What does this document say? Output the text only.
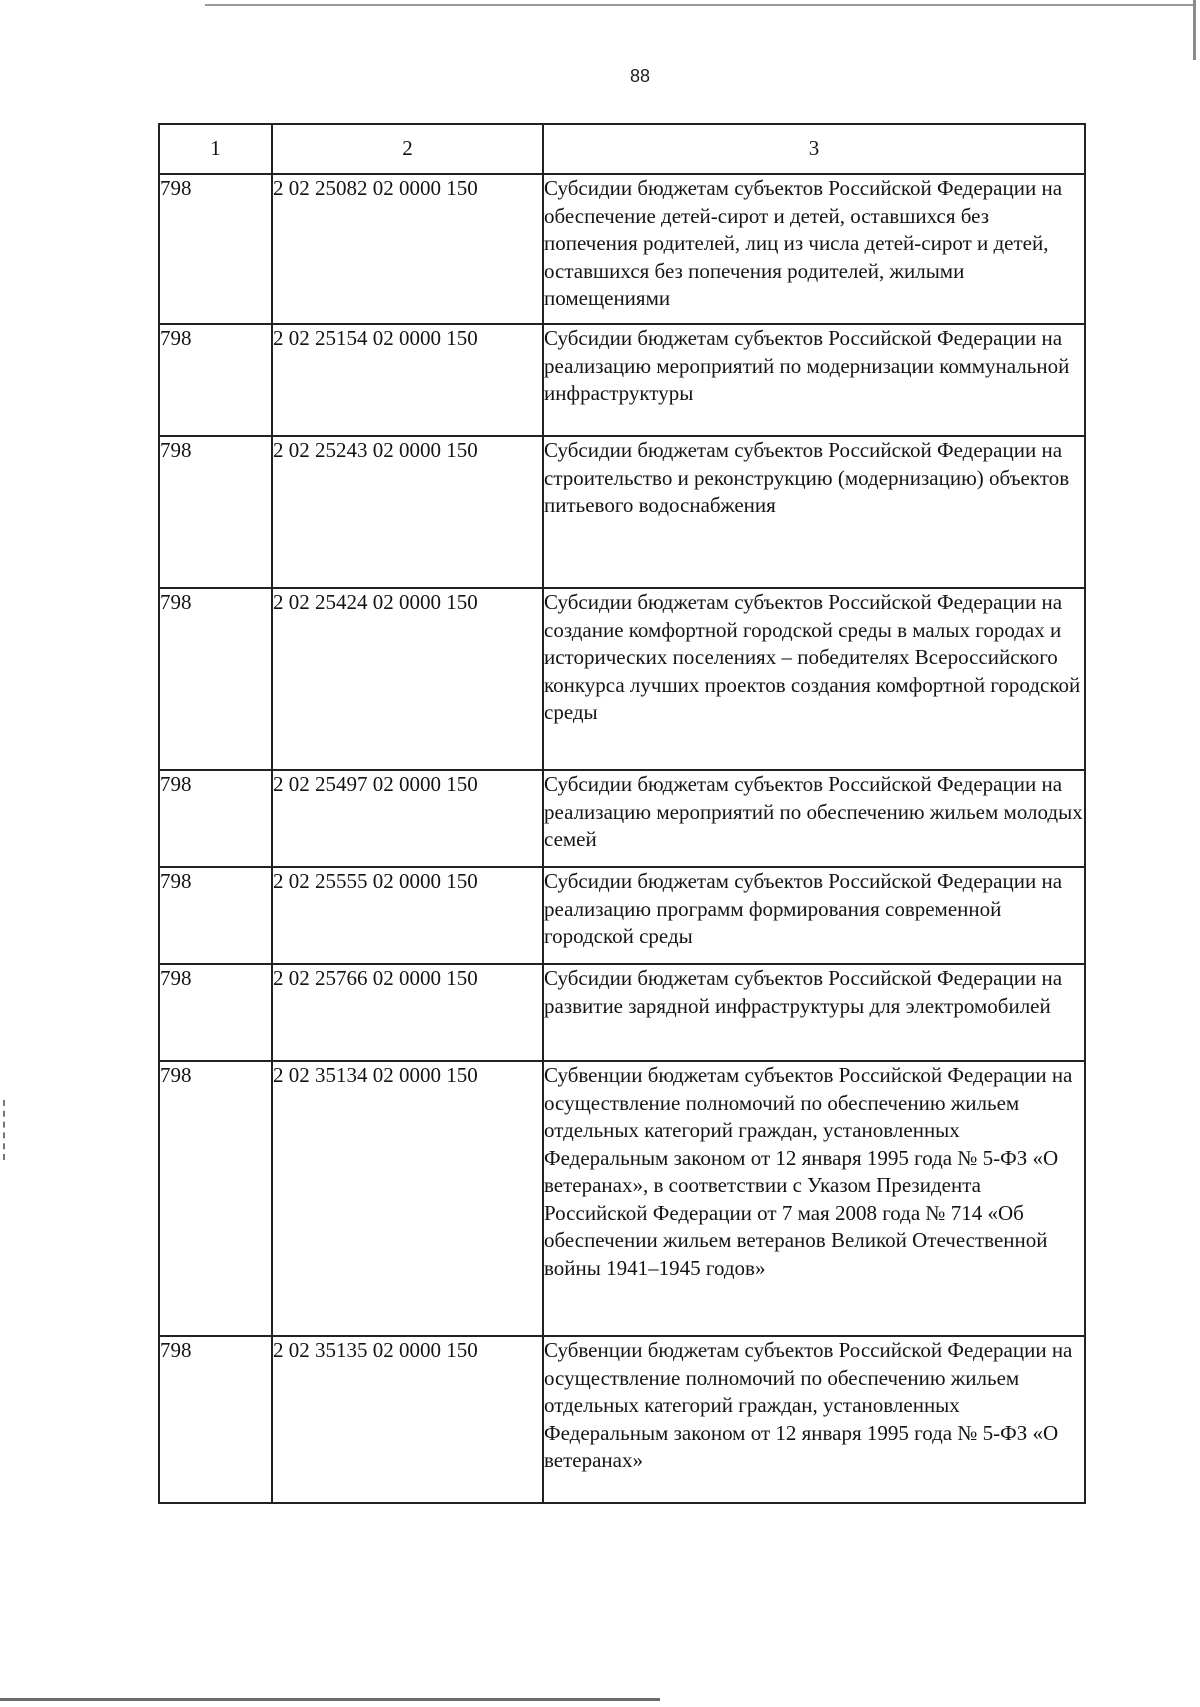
88
1	2	3
798	2 02 25082 02 0000 150	Субсидии бюджетам субъектов Российской Федерации на обеспечение детей-сирот и детей, оставшихся без попечения родителей, лиц из числа детей-сирот и детей, оставшихся без попечения родителей, жилыми помещениями
798	2 02 25154 02 0000 150	Субсидии бюджетам субъектов Российской Федерации на реализацию мероприятий по модернизации коммунальной инфраструктуры
798	2 02 25243 02 0000 150	Субсидии бюджетам субъектов Российской Федерации на строительство и реконструкцию (модернизацию) объектов питьевого водоснабжения
798	2 02 25424 02 0000 150	Субсидии бюджетам субъектов Российской Федерации на создание комфортной городской среды в малых городах и исторических поселениях – победителях Всероссийского конкурса лучших проектов создания комфортной городской среды
798	2 02 25497 02 0000 150	Субсидии бюджетам субъектов Российской Федерации на реализацию мероприятий по обеспечению жильем молодых семей
798	2 02 25555 02 0000 150	Субсидии бюджетам субъектов Российской Федерации на реализацию программ формирования современной городской среды
798	2 02 25766 02 0000 150	Субсидии бюджетам субъектов Российской Федерации на развитие зарядной инфраструктуры для электромобилей
798	2 02 35134 02 0000 150	Субвенции бюджетам субъектов Российской Федерации на осуществление полномочий по обеспечению жильем отдельных категорий граждан, установленных Федеральным законом от 12 января 1995 года № 5-ФЗ «О ветеранах», в соответствии с Указом Президента Российской Федерации от 7 мая 2008 года № 714 «Об обеспечении жильем ветеранов Великой Отечественной войны 1941–1945 годов»
798	2 02 35135 02 0000 150	Субвенции бюджетам субъектов Российской Федерации на осуществление полномочий по обеспечению жильем отдельных категорий граждан, установленных Федеральным законом от 12 января 1995 года № 5-ФЗ «О ветеранах»
